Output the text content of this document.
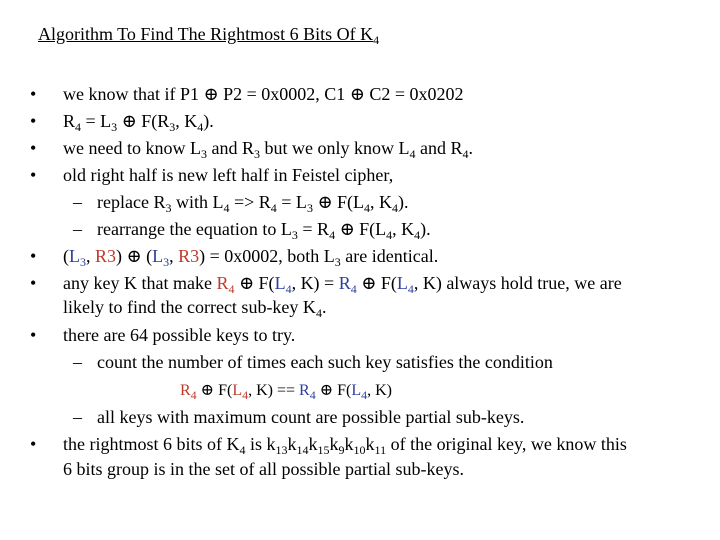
Algorithm To Find The Rightmost 6 Bits Of $K_4$
• we know that if P1 ⊕ P2 = 0x0002, C1 ⊕ C2 = 0x0202
• $R_4 = L_3$ ⊕ $F(R_3$, $K_4$).
• we need to know $L_3$ and $R_3$ but we only know $L_4$ and $R_4$.
• old right half is new left half in Feistel cipher,
– replace $R_3$ with $L_4 => R_4 = L_3$ ⊕ $F(L_4$, $K_4$).
– rearrange the equation to $L_3 = R_4$ ⊕ $F(L_4$, $K_4$).
• ($L_3$, R3) ⊕ ($L_3$, R3) = 0x0002, both $L_3$ are identical.
• any key K that make $R_4$ ⊕ $F(L_4$, $K) = R_4$ ⊕ $F(L_4$, K) always hold true, we are
likely to find the correct sub-key $K_4$.
• there are 64 possible keys to try.
– count the number of times each such key satisfies the condition
$R_4$ ⊕ $F(L_4$, $K) == R_4$ ⊕ $F(L_4$, K)
– all keys with maximum count are possible partial sub-keys.
• the rightmost 6 bits of $K_4$ is $k_{13}k_{14}k_{15}k_9k_{10}k_{11}$ of the original key, we know this
6 bits group is in the set of all possible partial sub-keys.
